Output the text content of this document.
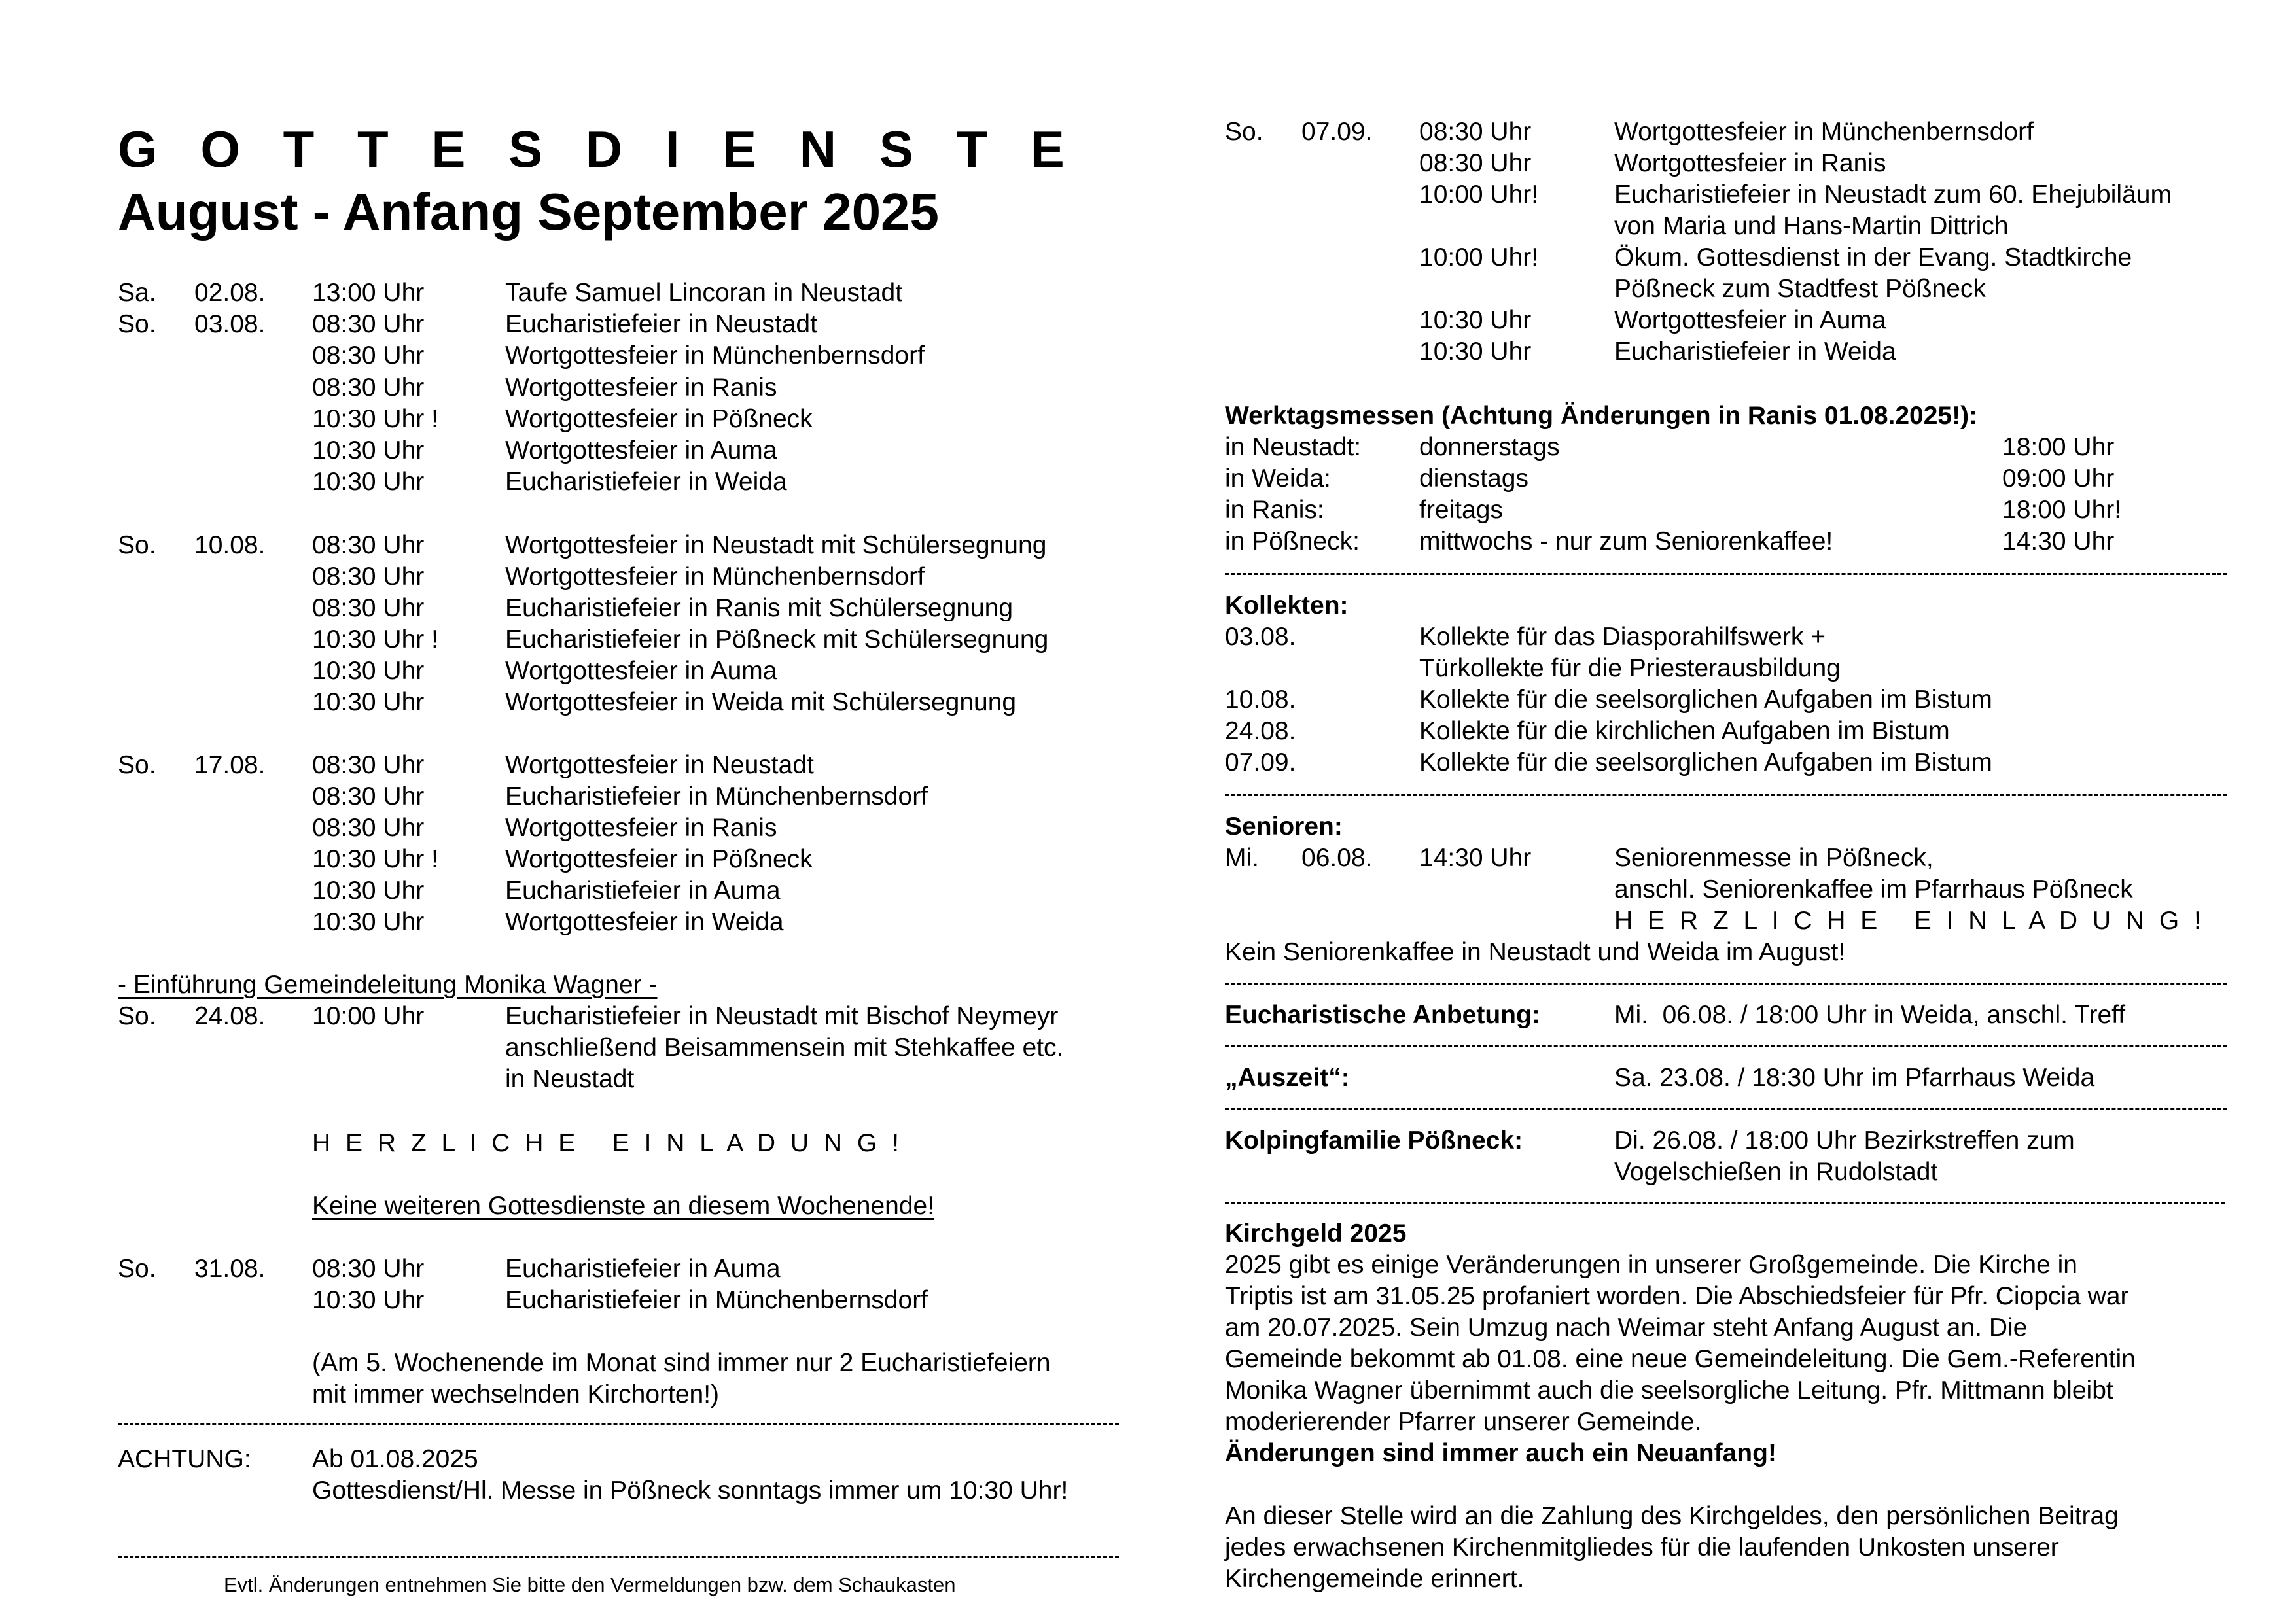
G O T T E S D I E N S T E
August - Anfang September 2025
Sa. 02.08. 13:00 Uhr	Taufe Samuel Lincoran in Neustadt
So. 03.08. 08:30 Uhr	Eucharistiefeier in Neustadt
08:30 Uhr	Wortgottesfeier in Münchenbernsdorf
08:30 Uhr	Wortgottesfeier in Ranis
10:30 Uhr !	Wortgottesfeier in Pößneck
10:30 Uhr	Wortgottesfeier in Auma
10:30 Uhr	Eucharistiefeier in Weida
So. 10.08. 08:30 Uhr	Wortgottesfeier in Neustadt mit Schülersegnung
08:30 Uhr	Wortgottesfeier in Münchenbernsdorf
08:30 Uhr	Eucharistiefeier in Ranis mit Schülersegnung
10:30 Uhr !	Eucharistiefeier in Pößneck mit Schülersegnung
10:30 Uhr	Wortgottesfeier in Auma
10:30 Uhr	Wortgottesfeier in Weida mit Schülersegnung
So. 17.08. 08:30 Uhr	Wortgottesfeier in Neustadt
08:30 Uhr	Eucharistiefeier in Münchenbernsdorf
08:30 Uhr	Wortgottesfeier in Ranis
10:30 Uhr !	Wortgottesfeier in Pößneck
10:30 Uhr	Eucharistiefeier in Auma
10:30 Uhr	Wortgottesfeier in Weida
- Einführung Gemeindeleitung Monika Wagner -
So. 24.08. 10:00 Uhr	Eucharistiefeier in Neustadt mit Bischof Neymeyr
anschließend Beisammensein mit Stehkaffee etc.
in Neustadt
H E R Z L I C H E   E I N L A D U N G !
Keine weiteren Gottesdienste an diesem Wochenende!
So. 31.08. 08:30 Uhr	Eucharistiefeier in Auma
10:30 Uhr	Eucharistiefeier in Münchenbernsdorf
(Am 5. Wochenende im Monat sind immer nur 2 Eucharistiefeiern
mit immer wechselnden Kirchorten!)
ACHTUNG: Ab 01.08.2025
Gottesdienst/Hl. Messe in Pößneck sonntags immer um 10:30 Uhr!
Evtl. Änderungen entnehmen Sie bitte den Vermeldungen bzw. dem Schaukasten
So. 07.09. 08:30 Uhr	Wortgottesfeier in Münchenbernsdorf
08:30 Uhr	Wortgottesfeier in Ranis
10:00 Uhr!	Eucharistiefeier in Neustadt zum 60. Ehejubiläum
von Maria und Hans-Martin Dittrich
10:00 Uhr!	Ökum. Gottesdienst in der Evang. Stadtkirche
Pößneck zum Stadtfest Pößneck
10:30 Uhr	Wortgottesfeier in Auma
10:30 Uhr	Eucharistiefeier in Weida
Werktagsmessen (Achtung Änderungen in Ranis 01.08.2025!):
in Neustadt: donnerstags	18:00 Uhr
in Weida:	dienstags	09:00 Uhr
in Ranis:	freitags	18:00 Uhr!
in Pößneck: mittwochs - nur zum Seniorenkaffee!	14:30 Uhr
Kollekten:
03.08.	Kollekte für das Diasporahilfswerk +
Türkollekte für die Priesterausbildung
10.08.	Kollekte für die seelsorglichen Aufgaben im Bistum
24.08.	Kollekte für die kirchlichen Aufgaben im Bistum
07.09.	Kollekte für die seelsorglichen Aufgaben im Bistum
Senioren:
Mi. 06.08. 14:30 Uhr	Seniorenmesse in Pößneck,
anschl. Seniorenkaffee im Pfarrhaus Pößneck
H E R Z L I C H E   E I N L A D U N G !
Kein Seniorenkaffee in Neustadt und Weida im August!
Eucharistische Anbetung:	Mi.  06.08. / 18:00 Uhr in Weida, anschl. Treff
„Auszeit“:	Sa. 23.08. / 18:30 Uhr im Pfarrhaus Weida
Kolpingfamilie Pößneck:	Di. 26.08. / 18:00 Uhr Bezirkstreffen zum
Vogelschießen in Rudolstadt
Kirchgeld 2025
2025 gibt es einige Veränderungen in unserer Großgemeinde. Die Kirche in
Triptis ist am 31.05.25 profaniert worden. Die Abschiedsfeier für Pfr. Ciopcia war
am 20.07.2025. Sein Umzug nach Weimar steht Anfang August an. Die
Gemeinde bekommt ab 01.08. eine neue Gemeindeleitung. Die Gem.-Referentin
Monika Wagner übernimmt auch die seelsorgliche Leitung. Pfr. Mittmann bleibt
moderierender Pfarrer unserer Gemeinde.
Änderungen sind immer auch ein Neuanfang!
An dieser Stelle wird an die Zahlung des Kirchgeldes, den persönlichen Beitrag
jedes erwachsenen Kirchenmitgliedes für die laufenden Unkosten unserer
Kirchengemeinde erinnert.
